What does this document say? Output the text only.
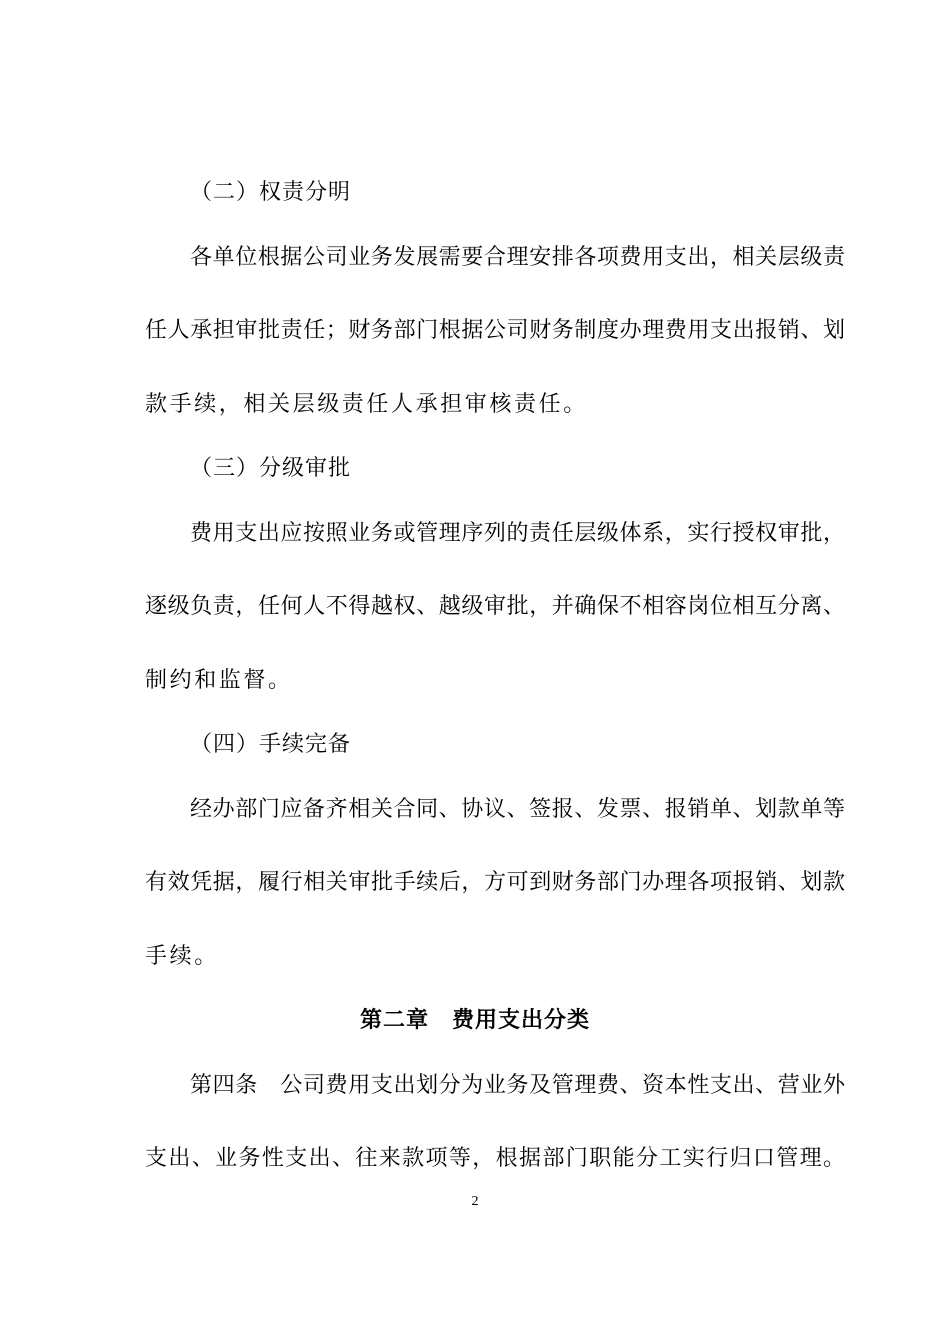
（二）权责分明
各单位根据公司业务发展需要合理安排各项费用支出，相关层级责
任人承担审批责任；财务部门根据公司财务制度办理费用支出报销、划
款手续，相关层级责任人承担审核责任。
（三）分级审批
费用支出应按照业务或管理序列的责任层级体系，实行授权审批，
逐级负责，任何人不得越权、越级审批，并确保不相容岗位相互分离、
制约和监督。
（四）手续完备
经办部门应备齐相关合同、协议、签报、发票、报销单、划款单等
有效凭据，履行相关审批手续后，方可到财务部门办理各项报销、划款
手续。
第二章　费用支出分类
第四条　公司费用支出划分为业务及管理费、资本性支出、营业外
支出、业务性支出、往来款项等，根据部门职能分工实行归口管理。
2
